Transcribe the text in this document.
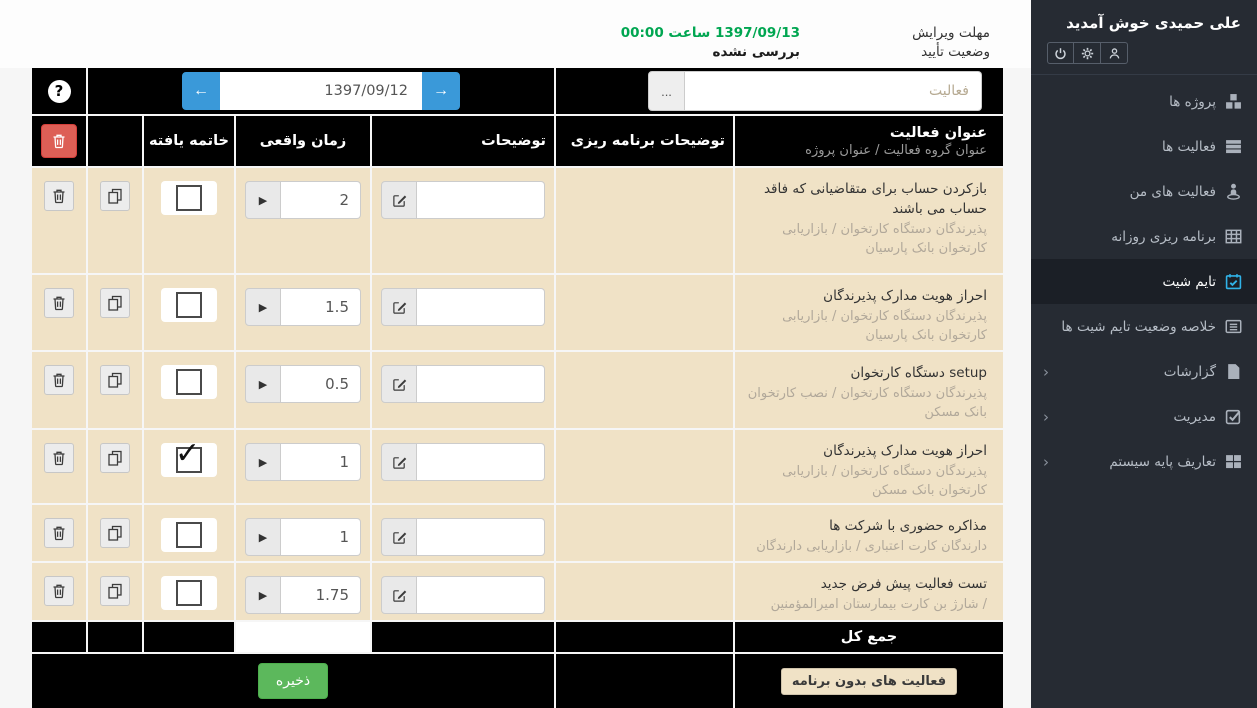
علی حمیدی خوش آمدید
پروژه ها
فعالیت ها
فعالیت های من
برنامه ریزی روزانه
تایم شیت
خلاصه وضعیت تایم شیت ها
گزارشات
‹
مدیریت
‹
تعاریف پایه سیستم
‹
مهلت ویرایش1397/09/13 ساعت 00:00
وضعیت تأییدبررسی نشده
...
فعالیت
←
1397/09/12	→
?
عنوان فعالیت
عنوان گروه فعالیت / عنوان پروژه
توضیحات برنامه ریزی
توضیحات
زمان واقعی
خاتمه یافته
بازکردن حساب برای متقاضیانی که فاقد حساب می باشند
پذیرندگان دستگاه کارتخوان / بازاریابی کارتخوان بانک پارسیان
▶
2
احراز هویت مدارک پذیرندگان
پذیرندگان دستگاه کارتخوان / بازاریابی کارتخوان بانک پارسیان
▶
1.5
setup دستگاه کارتخوان
پذیرندگان دستگاه کارتخوان / نصب کارتخوان بانک مسکن
▶
0.5
احراز هویت مدارک پذیرندگان
پذیرندگان دستگاه کارتخوان / بازاریابی کارتخوان بانک مسکن
▶
1
✓
مذاکره حضوری با شرکت ها
دارندگان کارت اعتباری / بازاریابی دارندگان
▶
1
تست فعالیت پیش فرض جدید
/ شارژ بن کارت بیمارستان امیرالمؤمنین
▶
1.75
جمع کل
7.75
فعالیت های بدون برنامه
ذخیره
